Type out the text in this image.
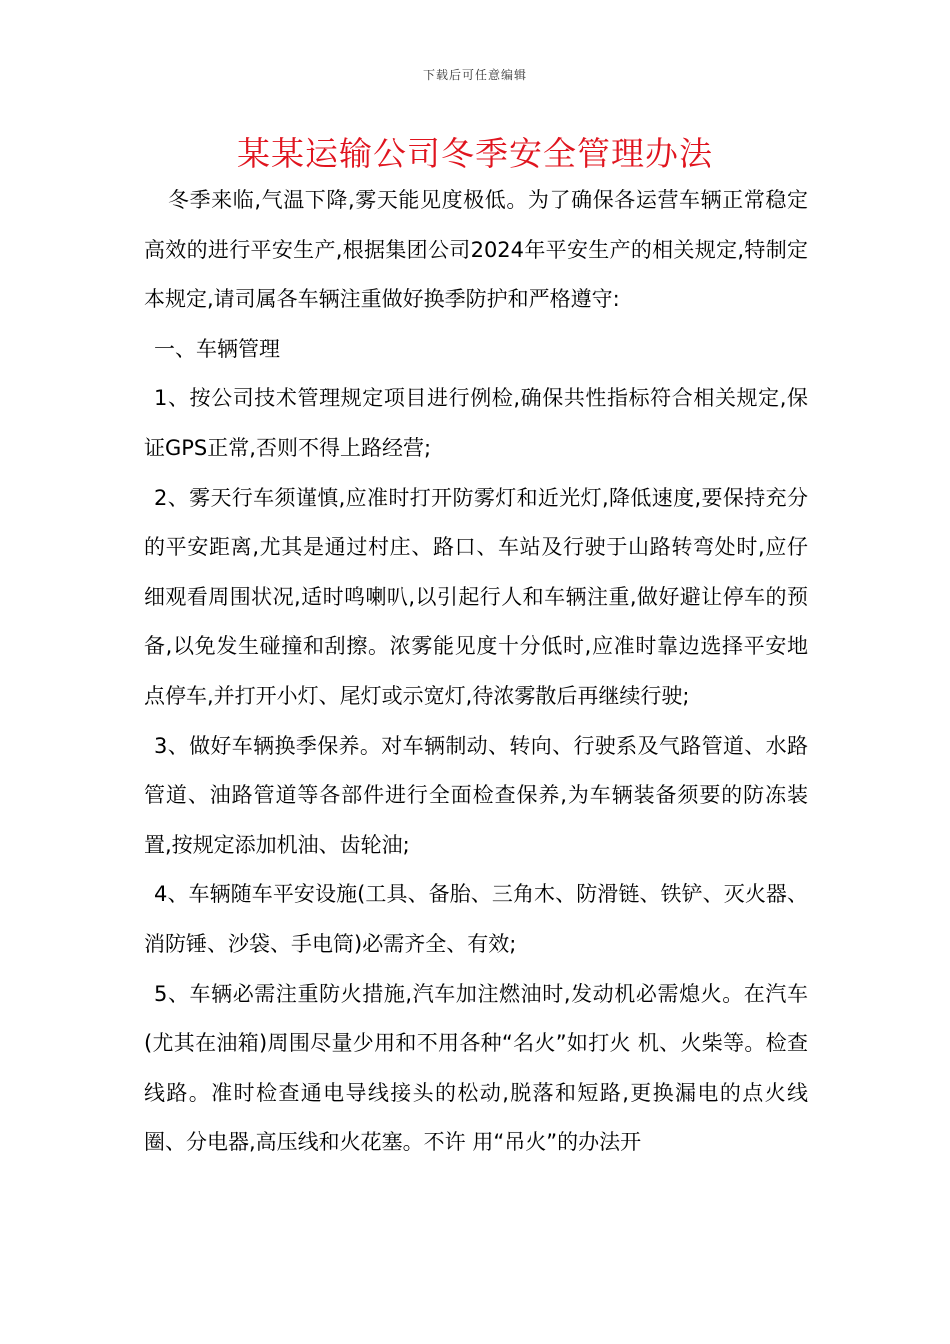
下载后可任意编辑
某某运输公司冬季安全管理办法

冬季来临,气温下降,雾天能见度极低。为了确保各运营车辆正常稳定高效的进行平安生产,根据集团公司2024年平安生产的相关规定,特制定本规定,请司属各车辆注重做好换季防护和严格遵守:

一、车辆管理

1、按公司技术管理规定项目进行例检,确保共性指标符合相关规定,保证GPS正常,否则不得上路经营;

2、雾天行车须谨慎,应准时打开防雾灯和近光灯,降低速度,要保持充分的平安距离,尤其是通过村庄、路口、车站及行驶于山路转弯处时,应仔细观看周围状况,适时鸣喇叭,以引起行人和车辆注重,做好避让停车的预备,以免发生碰撞和刮擦。浓雾能见度十分低时,应准时靠边选择平安地点停车,并打开小灯、尾灯或示宽灯,待浓雾散后再继续行驶;

3、做好车辆换季保养。对车辆制动、转向、行驶系及气路管道、水路管道、油路管道等各部件进行全面检查保养,为车辆装备须要的防冻装置,按规定添加机油、齿轮油;

4、车辆随车平安设施(工具、备胎、三角木、防滑链、铁铲、灭火器、消防锤、沙袋、手电筒)必需齐全、有效;

5、车辆必需注重防火措施,汽车加注燃油时,发动机必需熄火。在汽车(尤其在油箱)周围尽量少用和不用各种“名火”如打火 机、火柴等。检查线路。准时检查通电导线接头的松动,脱落和短路,更换漏电的点火线圈、分电器,高压线和火花塞。不许 用“吊火”的办法开
